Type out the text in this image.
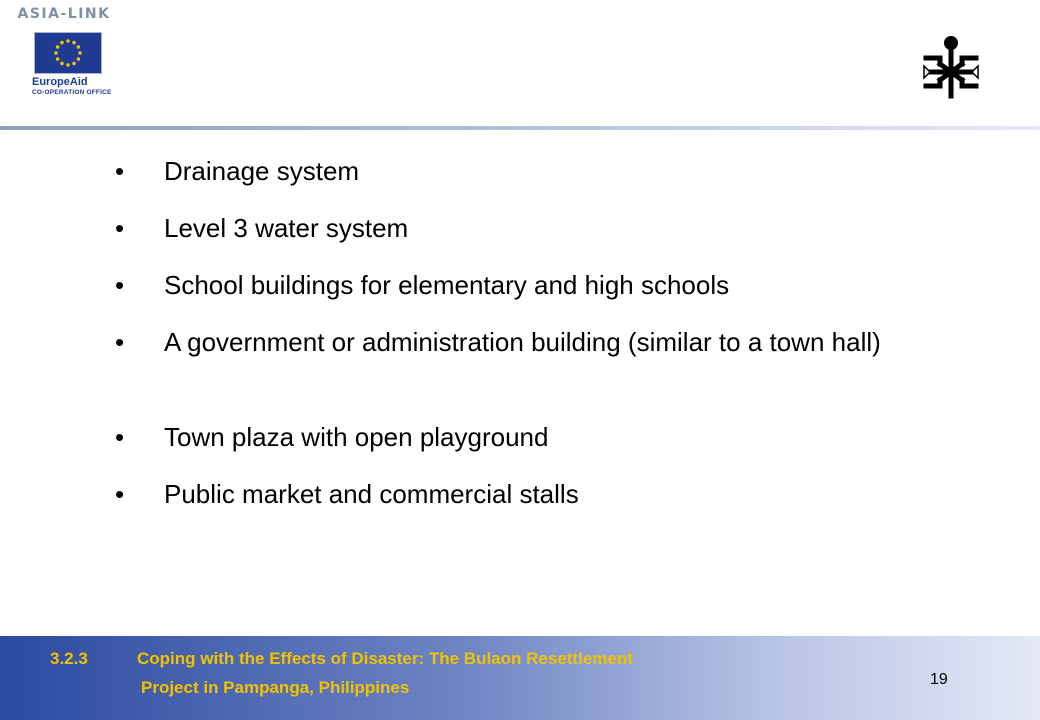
ASIA-LINK
EuropeAid
CO-OPERATION OFFICE
• Drainage system
• Level 3 water system
• School buildings for elementary and high schools
• A government or administration building (similar to a town hall)
• Town plaza with open playground
• Public market and commercial stalls
3.2.3	Coping with the Effects of Disaster: The Bulaon Resettlement
Project in Pampanga, Philippines	19
